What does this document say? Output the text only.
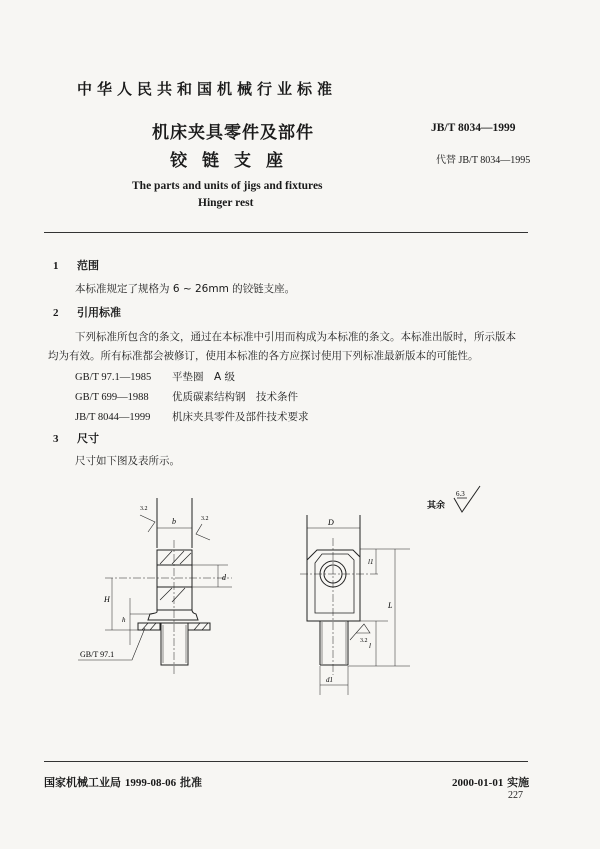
中华人民共和国机械行业标准
机床夹具零件及部件
铰链支座
The parts and units of jigs and fixtures
Hinger rest
JB/T 8034—1999
代替 JB/T 8034—1995
1 范围
本标准规定了规格为 6 ~ 26mm 的铰链支座。
2 引用标准
下列标准所包含的条文，通过在本标准中引用而构成为本标准的条文。本标准出版时，所示版本
均为有效。所有标准都会被修订，使用本标准的各方应探讨使用下列标准最新版本的可能性。
GB/T 97.1—1985 平垫圈　A 级
GB/T 699—1988 优质碳素结构钢　技术条件
JB/T 8044—1999 机床夹具零件及部件技术要求
3 尺寸
尺寸如下图及表所示。
其余
6.3
b
d
H
h
GB/T 97.1
3.2
3.2	D
l1
L
l
d1
3.2
国家机械工业局 1999-08-06 批准	2000-01-01 实施
227
